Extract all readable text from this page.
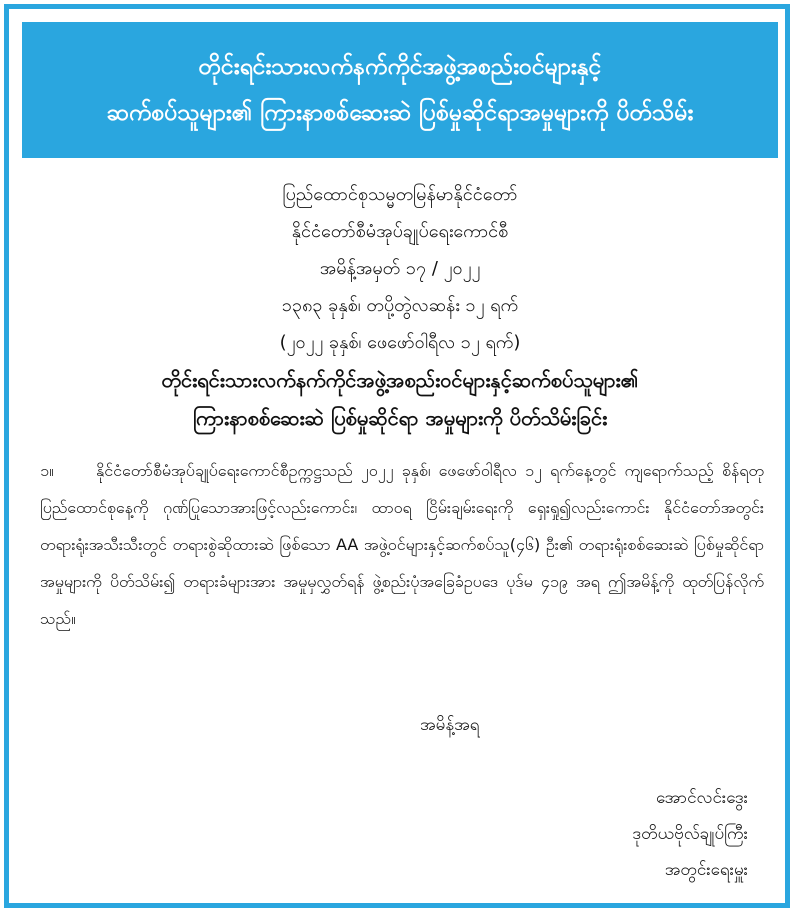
တိုင်းရင်းသားလက်နက်ကိုင်အဖွဲ့အစည်းဝင်များနှင့်
ဆက်စပ်သူများ၏ ကြားနာစစ်ဆေးဆဲ ပြစ်မှုဆိုင်ရာအမှုများကို ပိတ်သိမ်း
ပြည်ထောင်စုသမ္မတမြန်မာနိုင်ငံတော်
နိုင်ငံတော်စီမံအုပ်ချုပ်ရေးကောင်စီ
အမိန့်အမှတ် ၁၇ / ၂၀၂၂
၁၃၈၃ ခုနှစ်၊ တပို့တွဲလဆန်း ၁၂ ရက်
(၂၀၂၂ ခုနှစ်၊ ဖေဖော်ဝါရီလ ၁၂ ရက်)
တိုင်းရင်းသားလက်နက်ကိုင်အဖွဲ့အစည်းဝင်များနှင့်ဆက်စပ်သူများ၏
ကြားနာစစ်ဆေးဆဲ ပြစ်မှုဆိုင်ရာ အမှုများကို ပိတ်သိမ်းခြင်း
၁။	နိုင်ငံတော်စီမံအုပ်ချုပ်ရေးကောင်စီဥက္ကဋ္ဌသည် ၂၀၂၂ ခုနှစ်၊ ဖေဖော်ဝါရီလ ၁၂ ရက်နေ့တွင် ကျရောက်သည့် စိန်ရတုပြည်ထောင်စုနေ့ကို ဂုဏ်ပြုသောအားဖြင့်လည်းကောင်း၊ ထာဝရ ငြိမ်းချမ်းရေးကို ရှေးရှု၍လည်းကောင်း နိုင်ငံတော်အတွင်း တရားရုံးအသီးသီးတွင် တရားစွဲဆိုထားဆဲ ဖြစ်သော AA အဖွဲ့ဝင်များနှင့်ဆက်စပ်သူ(၄၆) ဦး၏ တရားရုံးစစ်ဆေးဆဲ ပြစ်မှုဆိုင်ရာအမှုများကို ပိတ်သိမ်း၍ တရားခံများအား အမှုမှလွှတ်ရန် ဖွဲ့စည်းပုံအခြေခံဥပဒေ ပုဒ်မ ၄၁၉ အရ ဤအမိန့်ကို ထုတ်ပြန်လိုက်သည်။
အမိန့်အရ
အောင်လင်းဒွေး
ဒုတိယဗိုလ်ချုပ်ကြီး
အတွင်းရေးမှူး
